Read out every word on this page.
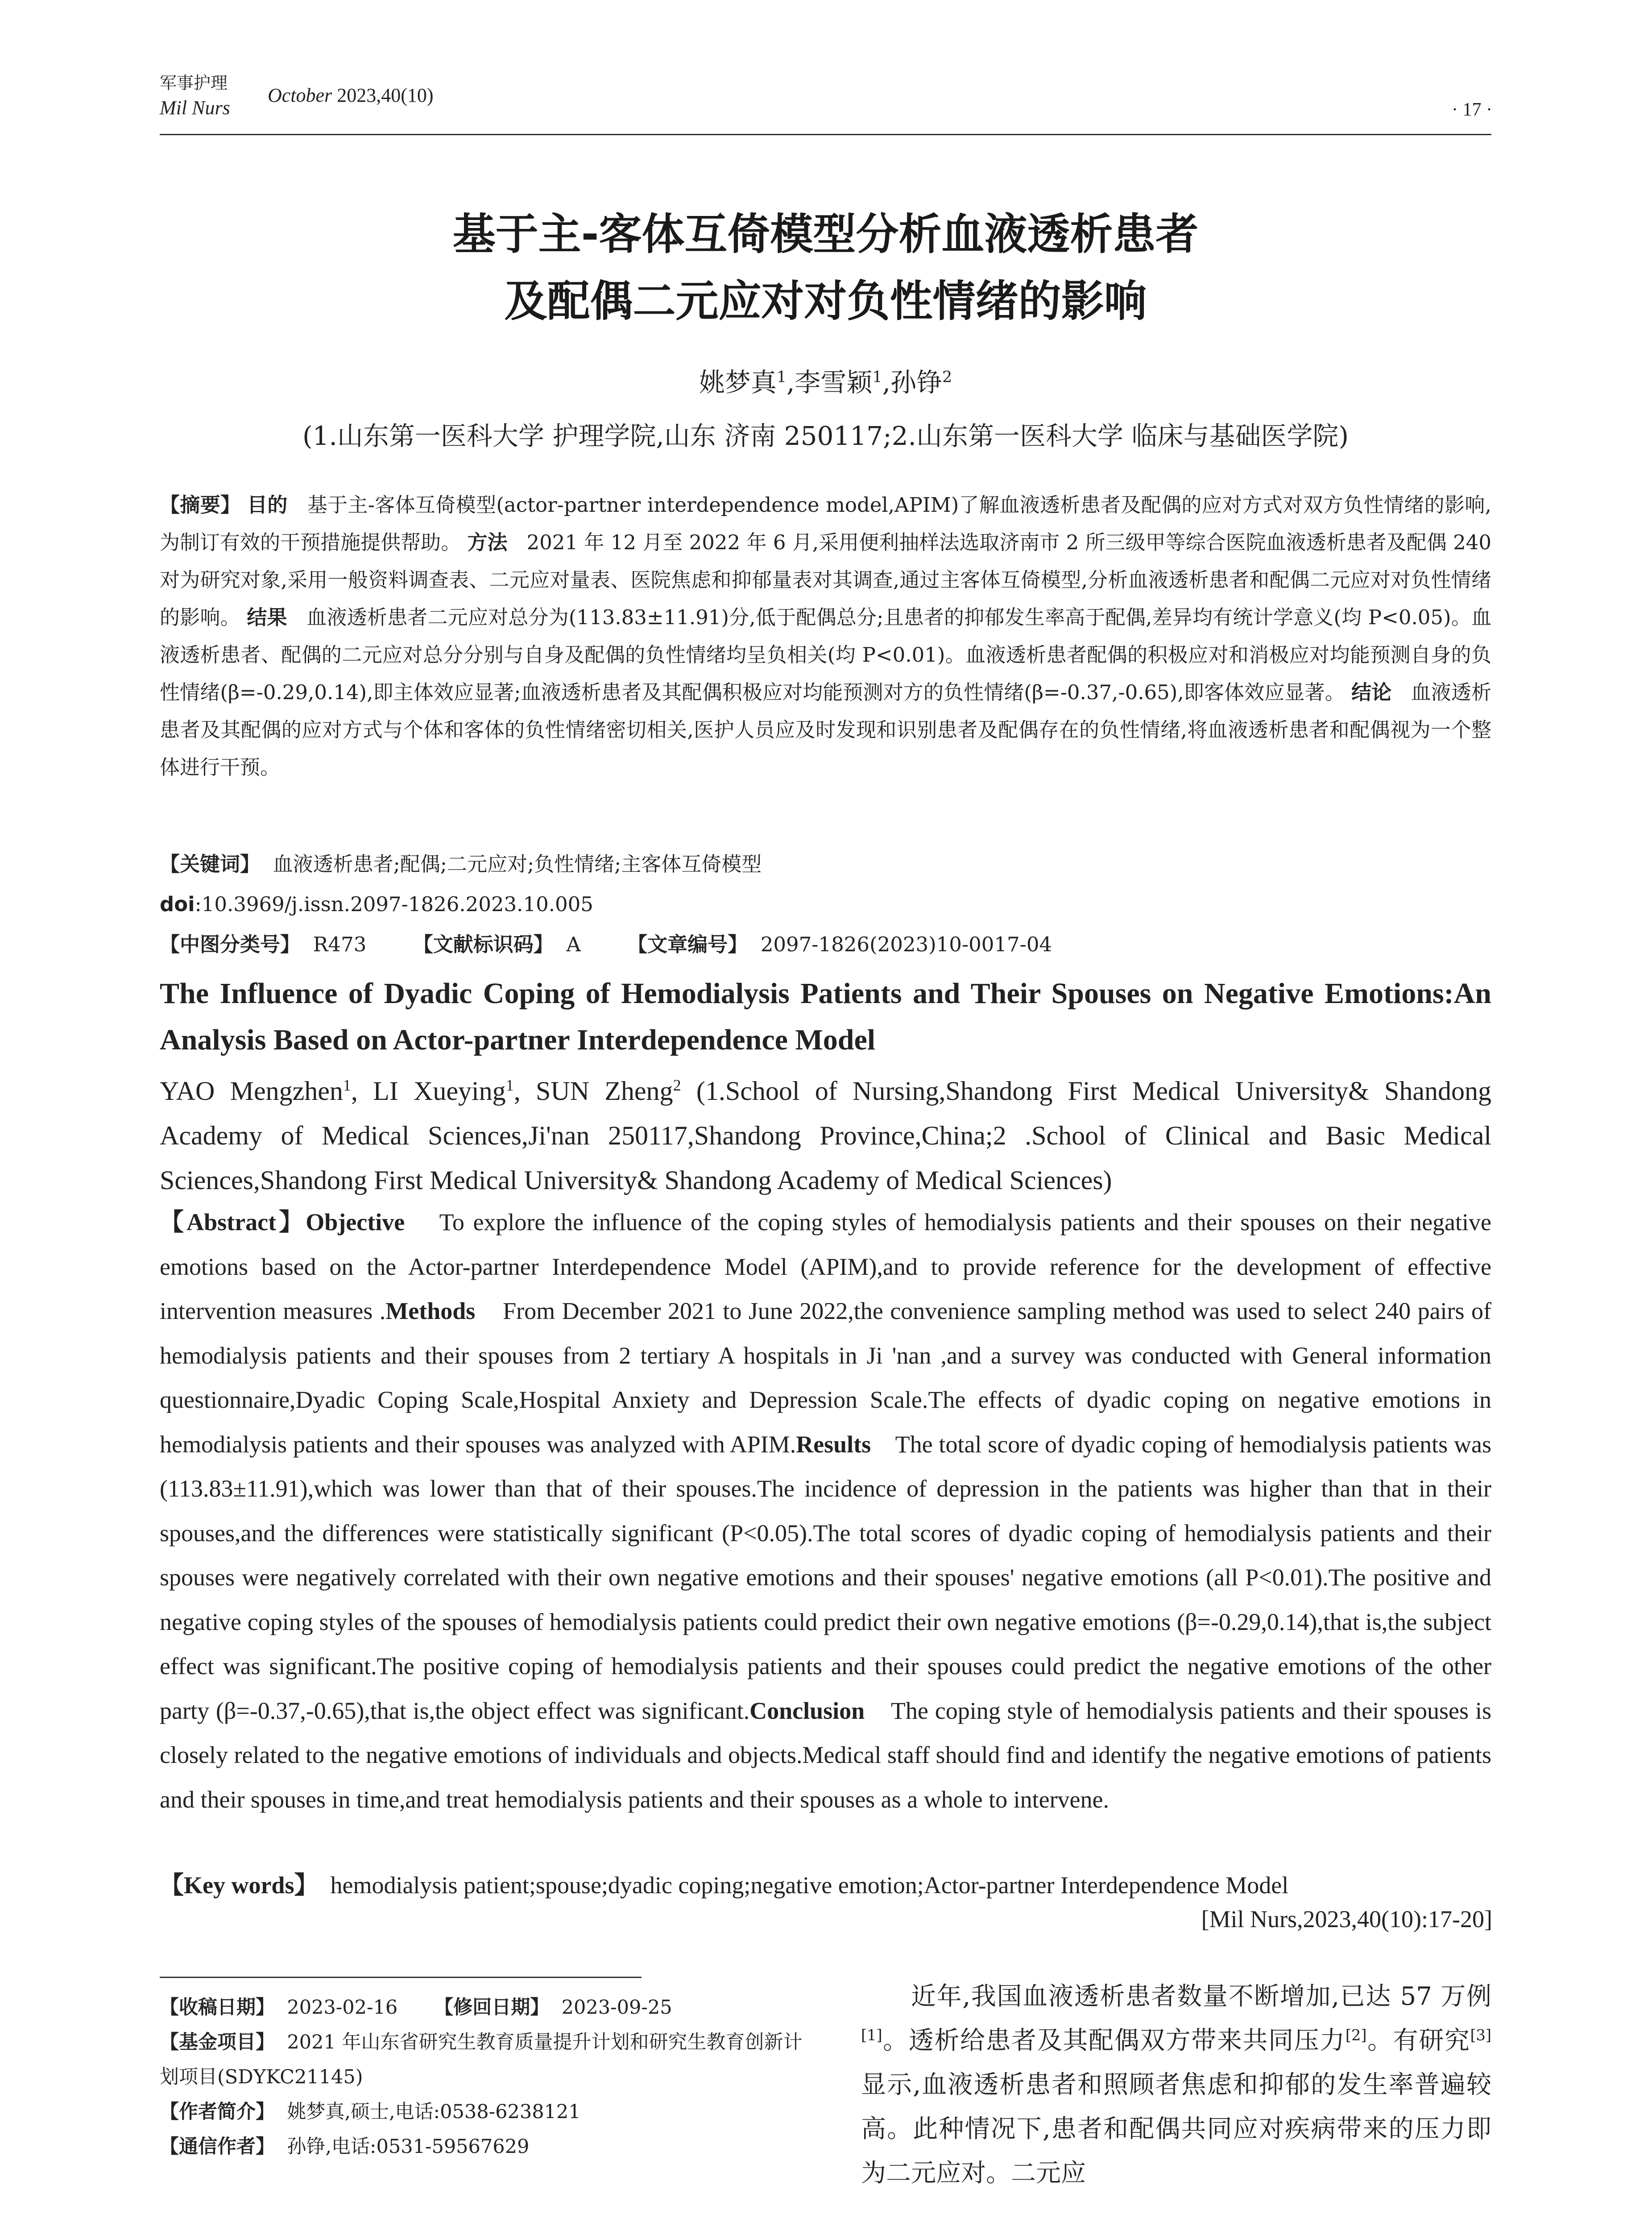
军事护理
Mil Nurs
October 2023,40(10)
· 17 ·
基于主-客体互倚模型分析血液透析患者
及配偶二元应对对负性情绪的影响
姚梦真$^1$,李雪颖$^1$,孙铮$^2$
(1.山东第一医科大学 护理学院,山东 济南 250117;2.山东第一医科大学 临床与基础医学院)
【摘要】 目的 基于主-客体互倚模型(actor-partner interdependence model,APIM)了解血液透析患者及配偶的应对方式对双方负性情绪的影响,为制订有效的干预措施提供帮助。 方法 2021 年 12 月至 2022 年 6 月,采用便利抽样法选取济南市 2 所三级甲等综合医院血液透析患者及配偶 240 对为研究对象,采用一般资料调查表、二元应对量表、医院焦虑和抑郁量表对其调查,通过主客体互倚模型,分析血液透析患者和配偶二元应对对负性情绪的影响。 结果 血液透析患者二元应对总分为(113.83±11.91)分,低于配偶总分;且患者的抑郁发生率高于配偶,差异均有统计学意义(均 P<0.05)。血液透析患者、配偶的二元应对总分分别与自身及配偶的负性情绪均呈负相关(均 P<0.01)。血液透析患者配偶的积极应对和消极应对均能预测自身的负性情绪(β=-0.29,0.14),即主体效应显著;血液透析患者及其配偶积极应对均能预测对方的负性情绪(β=-0.37,-0.65),即客体效应显著。 结论 血液透析患者及其配偶的应对方式与个体和客体的负性情绪密切相关,医护人员应及时发现和识别患者及配偶存在的负性情绪,将血液透析患者和配偶视为一个整体进行干预。
【关键词】 血液透析患者;配偶;二元应对;负性情绪;主客体互倚模型
doi:10.3969/j.issn.2097-1826.2023.10.005
【中图分类号】 R473 【文献标识码】 A 【文章编号】 2097-1826(2023)10-0017-04
The Influence of Dyadic Coping of Hemodialysis Patients and Their Spouses on Negative Emotions:An Analysis Based on Actor-partner Interdependence Model
YAO Mengzhen$^1$, LI Xueying$^1$, SUN Zheng$^2$ (1.School of Nursing,Shandong First Medical University& Shandong Academy of Medical Sciences,Ji'nan 250117,Shandong Province,China;2 .School of Clinical and Basic Medical Sciences,Shandong First Medical University& Shandong Academy of Medical Sciences)
【Abstract】Objective To explore the influence of the coping styles of hemodialysis patients and their spouses on their negative emotions based on the Actor-partner Interdependence Model (APIM),and to provide reference for the development of effective intervention measures .Methods From December 2021 to June 2022,the convenience sampling method was used to select 240 pairs of hemodialysis patients and their spouses from 2 tertiary A hospitals in Ji 'nan ,and a survey was conducted with General information questionnaire,Dyadic Coping Scale,Hospital Anxiety and Depression Scale.The effects of dyadic coping on negative emotions in hemodialysis patients and their spouses was analyzed with APIM.Results The total score of dyadic coping of hemodialysis patients was (113.83±11.91),which was lower than that of their spouses.The incidence of depression in the patients was higher than that in their spouses,and the differences were statistically significant (P<0.05).The total scores of dyadic coping of hemodialysis patients and their spouses were negatively correlated with their own negative emotions and their spouses' negative emotions (all P<0.01).The positive and negative coping styles of the spouses of hemodialysis patients could predict their own negative emotions (β=-0.29,0.14),that is,the subject effect was significant.The positive coping of hemodialysis patients and their spouses could predict the negative emotions of the other party (β=-0.37,-0.65),that is,the object effect was significant.Conclusion The coping style of hemodialysis patients and their spouses is closely related to the negative emotions of individuals and objects.Medical staff should find and identify the negative emotions of patients and their spouses in time,and treat hemodialysis patients and their spouses as a whole to intervene.
【Key words】 hemodialysis patient;spouse;dyadic coping;negative emotion;Actor-partner Interdependence Model
[Mil Nurs,2023,40(10):17-20]
【收稿日期】 2023-02-16 【修回日期】 2023-09-25
【基金项目】 2021 年山东省研究生教育质量提升计划和研究生教育创新计划项目(SDYKC21145)
【作者简介】 姚梦真,硕士,电话:0538-6238121
【通信作者】 孙铮,电话:0531-59567629
近年,我国血液透析患者数量不断增加,已达 57 万例[1]。透析给患者及其配偶双方带来共同压力[2]。有研究[3]显示,血液透析患者和照顾者焦虑和抑郁的发生率普遍较高。此种情况下,患者和配偶共同应对疾病带来的压力即为二元应对。二元应
